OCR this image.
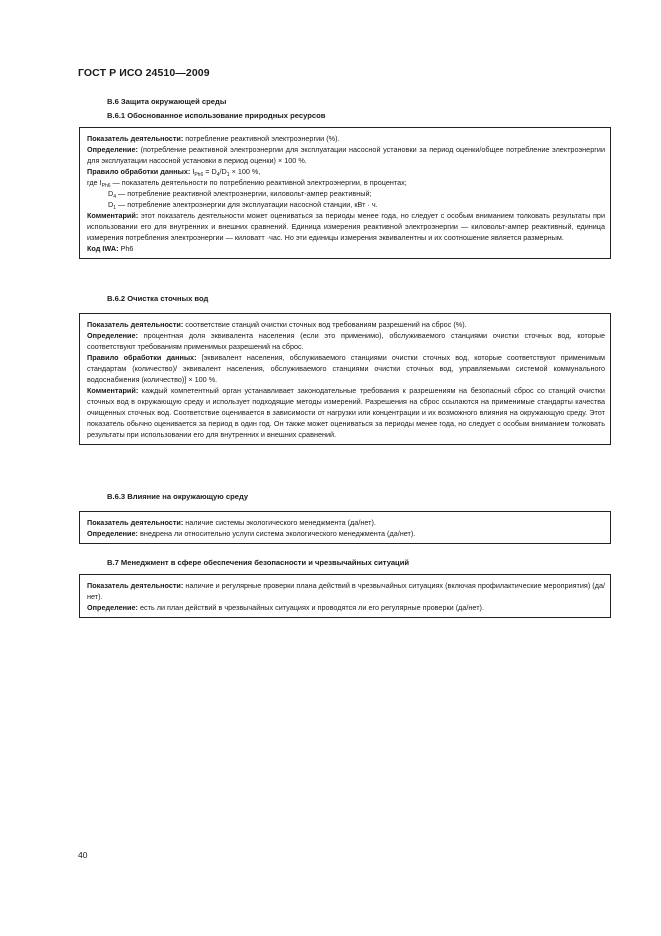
ГОСТ Р ИСО 24510—2009
В.6 Защита окружающей среды
В.6.1 Обоснованное использование природных ресурсов

Показатель деятельности: потребление реактивной электроэнергии (%).

Определение: (потребление реактивной электроэнергии для эксплуатации насосной установки за период оценки/общее потребление электроэнергии для эксплуатации насосной установки в период оценки) × 100 %.

Правило обработки данных: $I_{Ph6} = D_4/D_1 \times 100$ %,

где $I_{Ph6}$ — показатель деятельности по потреблению реактивной электроэнергии, в процентах;

$D_4$ — потребление реактивной электроэнергии, киловольт-ампер реактивный;

$D_1$ — потребление электроэнергии для эксплуатации насосной станции, кВт · ч.

Комментарий: этот показатель деятельности может оцениваться за периоды менее года, но следует с особым вниманием толковать результаты при использовании его для внутренних и внешних сравнений. Единица измерения реактивной электроэнергии — киловольт-ампер реактивный, единица измерения потребления электроэнергии — киловатт ·час. Но эти единицы измерения эквивалентны и их соотношение является размерным.

Код IWA: Ph6

В.6.2 Очистка сточных вод

Показатель деятельности: соответствие станций очистки сточных вод требованиям разрешений на сброс (%).

Определение: процентная доля эквивалента населения (если это применимо), обслуживаемого станциями очистки сточных вод, которые соответствуют требованиям применимых разрешений на сброс.

Правило обработки данных: [эквивалент населения, обслуживаемого станциями очистки сточных вод, которые соответствуют применимым стандартам (количество)/ эквивалент населения, обслуживаемого станциями очистки сточных вод, управляемыми системой коммунального водоснабжения (количество)] × 100 %.

Комментарий: каждый компетентный орган устанавливает законодательные требования к разрешениям на безопасный сброс со станций очистки сточных вод в окружающую среду и использует подходящие методы измерений. Разрешения на сброс ссылаются на применимые стандарты качества очищенных сточных вод. Соответствие оценивается в зависимости от нагрузки или концентрации и их возможного влияния на окружающую среду. Этот показатель обычно оценивается за период в один год. Он также может оцениваться за периоды менее года, но следует с особым вниманием толковать результаты при использовании его для внутренних и внешних сравнений.

В.6.3 Влияние на окружающую среду

Показатель деятельности: наличие системы экологического менеджмента (да/нет).

Определение: внедрена ли относительно услуги система экологического менеджмента (да/нет).

В.7 Менеджмент в сфере обеспечения безопасности и чрезвычайных ситуаций

Показатель деятельности: наличие и регулярные проверки плана действий в чрезвычайных ситуациях (включая профилактические мероприятия) (да/нет).

Определение: есть ли план действий в чрезвычайных ситуациях и проводятся ли его регулярные проверки (да/нет).

40
